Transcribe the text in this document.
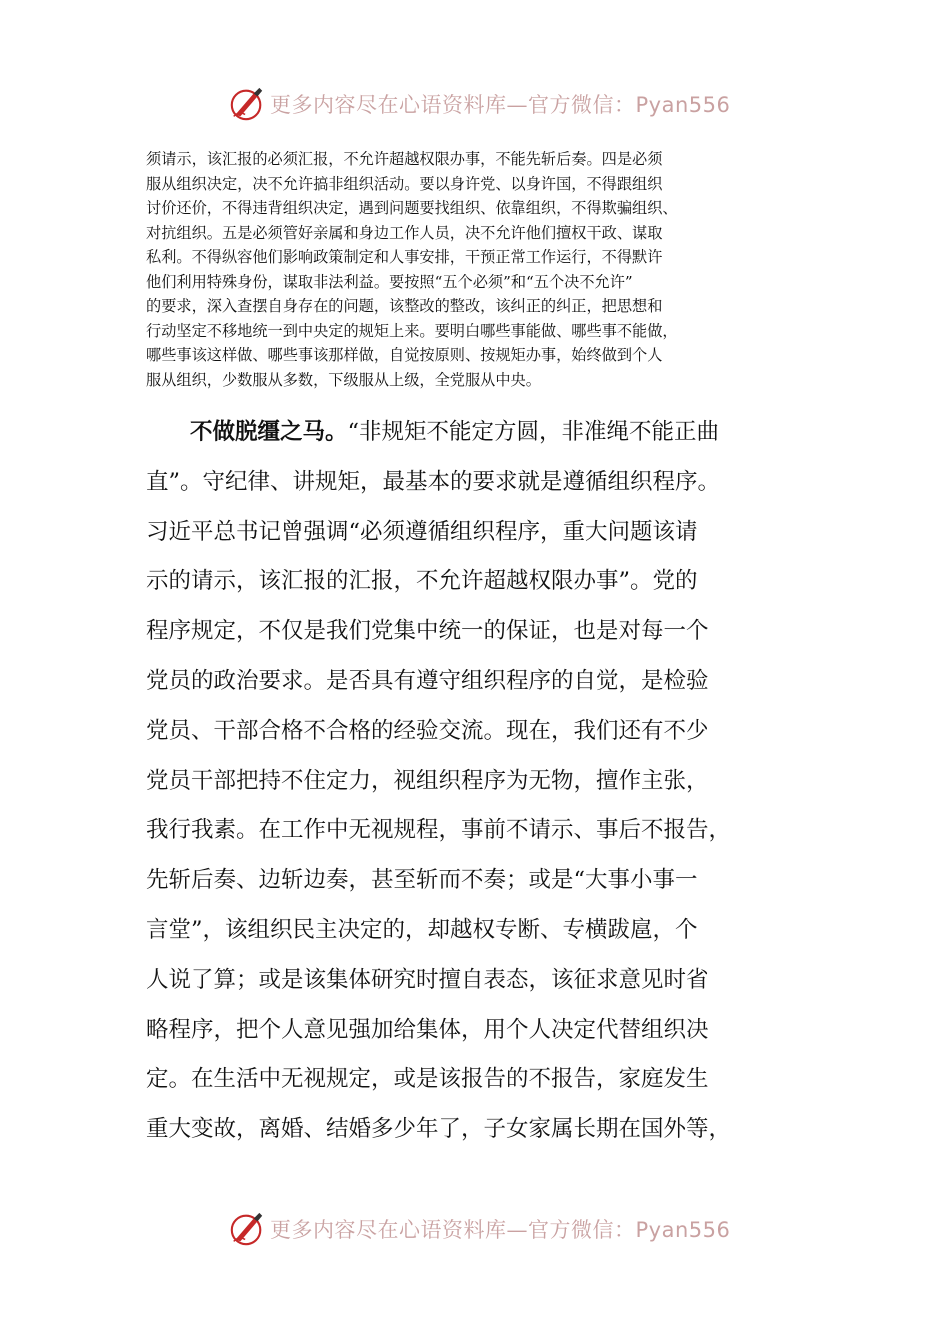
更多内容尽在心语资料库—官方微信：Pyan556

须请示，该汇报的必须汇报，不允许超越权限办事，不能先斩后奏。四是必须
服从组织决定，决不允许搞非组织活动。要以身许党、以身许国，不得跟组织
讨价还价，不得违背组织决定，遇到问题要找组织、依靠组织，不得欺骗组织、
对抗组织。五是必须管好亲属和身边工作人员，决不允许他们擅权干政、谋取
私利。不得纵容他们影响政策制定和人事安排，干预正常工作运行，不得默许
他们利用特殊身份，谋取非法利益。要按照“五个必须”和“五个决不允许”
的要求，深入查摆自身存在的问题，该整改的整改，该纠正的纠正，把思想和
行动坚定不移地统一到中央定的规矩上来。要明白哪些事能做、哪些事不能做，
哪些事该这样做、哪些事该那样做，自觉按原则、按规矩办事，始终做到个人
服从组织，少数服从多数，下级服从上级，全党服从中央。

不做脱缰之马。“非规矩不能定方圆，非准绳不能正曲
直”。守纪律、讲规矩，最基本的要求就是遵循组织程序。
习近平总书记曾强调“必须遵循组织程序，重大问题该请
示的请示，该汇报的汇报，不允许超越权限办事”。党的
程序规定，不仅是我们党集中统一的保证，也是对每一个
党员的政治要求。是否具有遵守组织程序的自觉，是检验
党员、干部合格不合格的经验交流。现在，我们还有不少
党员干部把持不住定力，视组织程序为无物，擅作主张，
我行我素。在工作中无视规程，事前不请示、事后不报告，
先斩后奏、边斩边奏，甚至斩而不奏；或是“大事小事一
言堂”，该组织民主决定的，却越权专断、专横跋扈，个
人说了算；或是该集体研究时擅自表态，该征求意见时省
略程序，把个人意见强加给集体，用个人决定代替组织决
定。在生活中无视规定，或是该报告的不报告，家庭发生
重大变故，离婚、结婚多少年了，子女家属长期在国外等，

更多内容尽在心语资料库—官方微信：Pyan556
